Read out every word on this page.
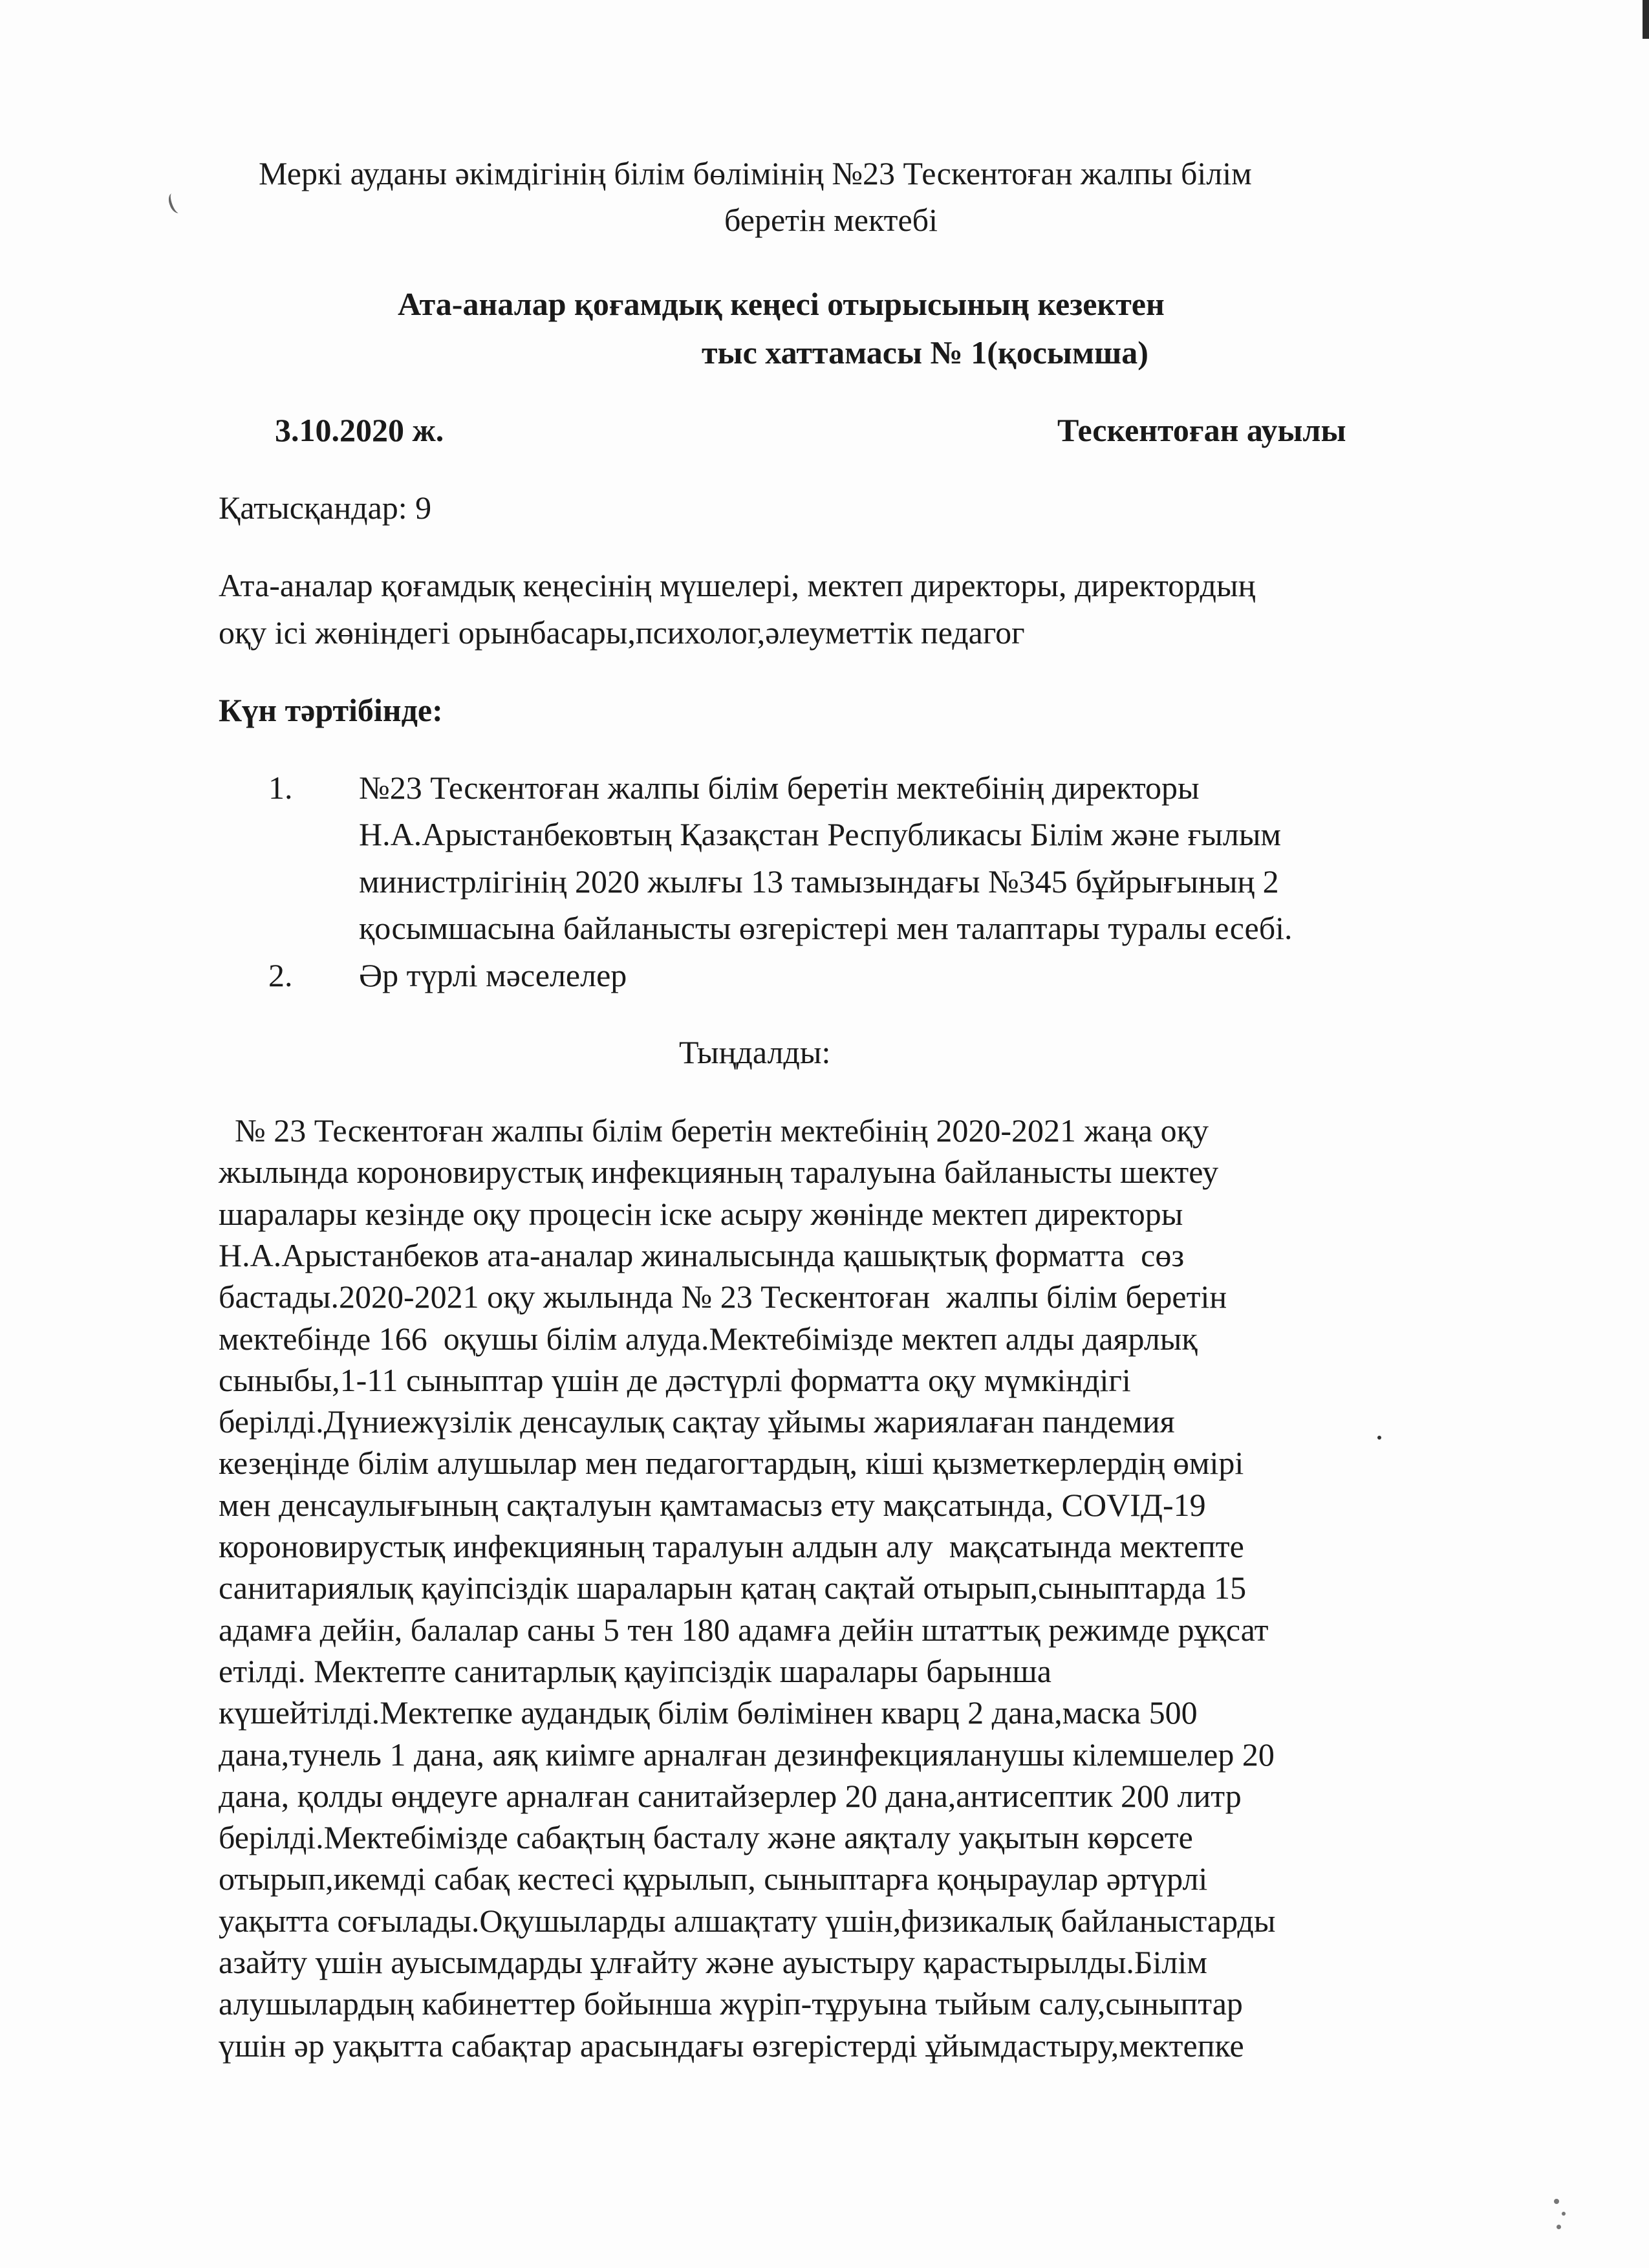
Меркі ауданы әкімдігінің білім бөлімінің №23 Тескентоған жалпы білім
беретін мектебі
Ата-аналар қоғамдық кеңесі отырысының кезектен
тыс хаттамасы № 1(қосымша)
3.10.2020 ж.	Тескентоған ауылы
Қатысқандар: 9
Ата-аналар қоғамдық кеңесінің мүшелері, мектеп директоры, директордың
оқу ісі жөніндегі орынбасары,психолог,әлеуметтік педагог
Күн тәртібінде:
1. №23 Тескентоған жалпы білім беретін мектебінің директоры
Н.А.Арыстанбековтың Қазақстан Республикасы Білім және ғылым
министрлігінің 2020 жылғы 13 тамызындағы №345 бұйрығының 2
қосымшасына байланысты өзгерістері мен талаптары туралы есебі.
2. Әр түрлі мәселелер
Тыңдалды:
№ 23 Тескентоған жалпы білім беретін мектебінің 2020-2021 жаңа оқу
жылында короновирустық инфекцияның таралуына байланысты шектеу
шаралары кезінде оқу процесін іске асыру жөнінде мектеп директоры
Н.А.Арыстанбеков ата-аналар жиналысында қашықтық форматта  сөз
бастады.2020-2021 оқу жылында № 23 Тескентоған  жалпы білім беретін
мектебінде 166  оқушы білім алуда.Мектебімізде мектеп алды даярлық
сыныбы,1-11 сыныптар үшін де дәстүрлі форматта оқу мүмкіндігі
берілді.Дүниежүзілік денсаулық сақтау ұйымы жариялаған пандемия
кезеңінде білім алушылар мен педагогтардың, кіші қызметкерлердің өмірі
мен денсаулығының сақталуын қамтамасыз ету мақсатында, COVIД-19
короновирустық инфекцияның таралуын алдын алу  мақсатында мектепте
санитариялық қауіпсіздік шараларын қатаң сақтай отырып,сыныптарда 15
адамға дейін, балалар саны 5 тен 180 адамға дейін штаттық режимде рұқсат
етілді. Мектепте санитарлық қауіпсіздік шаралары барынша
күшейтілді.Мектепке аудандық білім бөлімінен кварц 2 дана,маска 500
дана,тунель 1 дана, аяқ киімге арналған дезинфекцияланушы кілемшелер 20
дана, қолды өңдеуге арналған санитайзерлер 20 дана,антисептик 200 литр
берілді.Мектебімізде сабақтың басталу және аяқталу уақытын көрсете
отырып,икемді сабақ кестесі құрылып, сыныптарға қоңыраулар әртүрлі
уақытта соғылады.Оқушыларды алшақтату үшін,физикалық байланыстарды
азайту үшін ауысымдарды ұлғайту және ауыстыру қарастырылды.Білім
алушылардың кабинеттер бойынша жүріп-тұруына тыйым салу,сыныптар
үшін әр уақытта сабақтар арасындағы өзгерістерді ұйымдастыру,мектепке
